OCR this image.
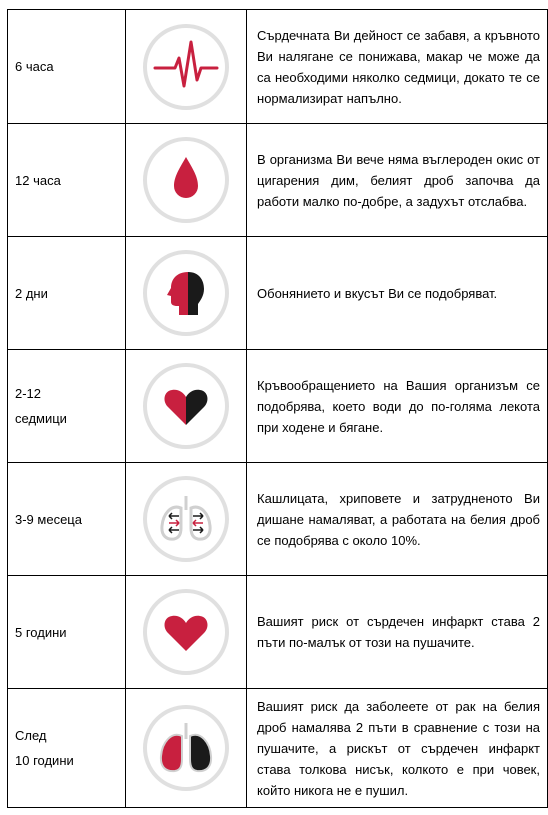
6 часа		Сърдечната Ви дейност се забавя, а кръвното Ви налягане се понижава, макар че може да са необходими няколко седмици, докато те се нормализират напълно.

12 часа		В организма Ви вече няма въглероден окис от цигарения дим, белият дроб започва да работи малко по-добре, а задухът отслабва.

2 дни		Обонянието и вкусът Ви се подобряват.

2-12
седмици		Кръвообращението на Вашия организъм се подобрява, което води до по-голяма лекота при ходене и бягане.

3-9 месеца		Кашлицата, хриповете и затрудненото Ви дишане намаляват, а работата на белия дроб се подобрява с около 10%.

5 години		Вашият риск от сърдечен инфаркт става 2 пъти по-малък от този на пушачите.

След
10 години		Вашият риск да заболеете от рак на белия дроб намалява 2 пъти в сравнение с този на пушачите, а рискът от сърдечен инфаркт става толкова нисък, колкото е при човек, който никога не е пушил.
